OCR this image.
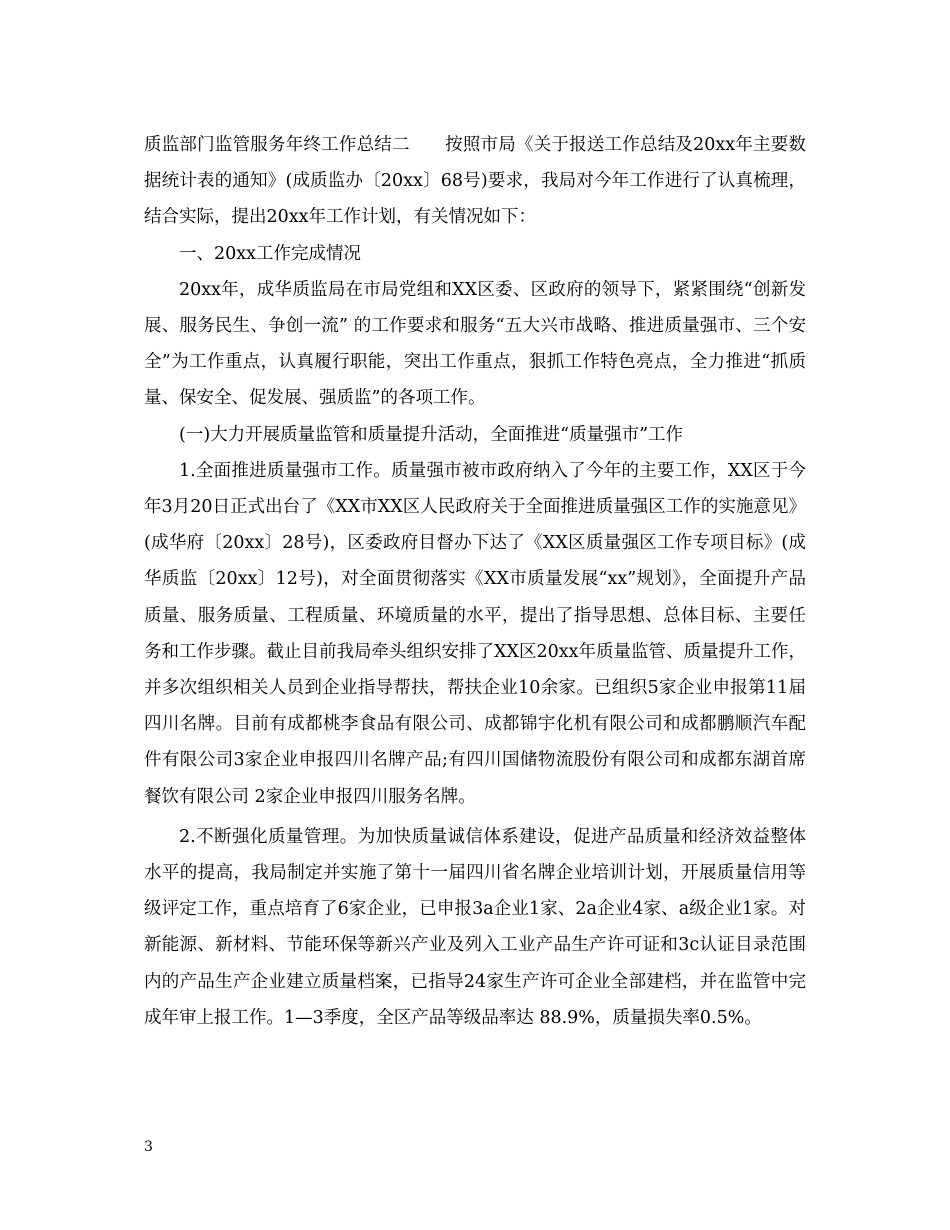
质监部门监管服务年终工作总结二　　按照市局《关于报送工作总结及20xx年主要数据统计表的通知》(成质监办〔20xx〕68号)要求，我局对今年工作进行了认真梳理，结合实际，提出20xx年工作计划，有关情况如下：

一、20xx工作完成情况

20xx年，成华质监局在市局党组和XX区委、区政府的领导下，紧紧围绕“创新发展、服务民生、争创一流” 的工作要求和服务“五大兴市战略、推进质量强市、三个安全”为工作重点，认真履行职能，突出工作重点，狠抓工作特色亮点，全力推进“抓质量、保安全、促发展、强质监”的各项工作。

(一)大力开展质量监管和质量提升活动，全面推进“质量强市”工作

1.全面推进质量强市工作。质量强市被市政府纳入了今年的主要工作，XX区于今年3月20日正式出台了《XX市XX区人民政府关于全面推进质量强区工作的实施意见》(成华府〔20xx〕28号)，区委政府目督办下达了《XX区质量强区工作专项目标》(成华质监〔20xx〕12号)，对全面贯彻落实《XX市质量发展“xx”规划》，全面提升产品质量、服务质量、工程质量、环境质量的水平，提出了指导思想、总体目标、主要任务和工作步骤。截止目前我局牵头组织安排了XX区20xx年质量监管、质量提升工作，并多次组织相关人员到企业指导帮扶，帮扶企业10余家。已组织5家企业申报第11届四川名牌。目前有成都桃李食品有限公司、成都锦宇化机有限公司和成都鹏顺汽车配件有限公司3家企业申报四川名牌产品;有四川国储物流股份有限公司和成都东湖首席餐饮有限公司 2家企业申报四川服务名牌。

2.不断强化质量管理。为加快质量诚信体系建设，促进产品质量和经济效益整体水平的提高，我局制定并实施了第十一届四川省名牌企业培训计划，开展质量信用等级评定工作，重点培育了6家企业，已申报3a企业1家、2a企业4家、a级企业1家。对新能源、新材料、节能环保等新兴产业及列入工业产品生产许可证和3c认证目录范围内的产品生产企业建立质量档案，已指导24家生产许可企业全部建档，并在监管中完成年审上报工作。1—3季度，全区产品等级品率达 88.9%，质量损失率0.5%。

3
